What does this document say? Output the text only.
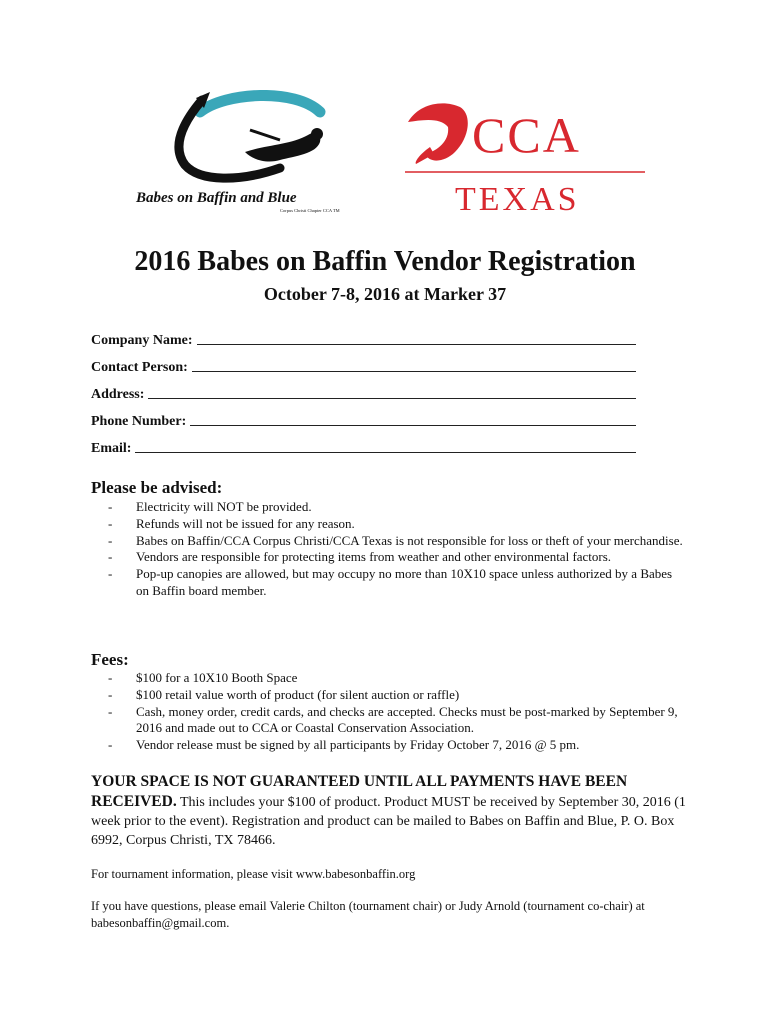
Babes on Baffin and Blue
Corpus Christi Chapter CCA TM
CCA
TEXAS
2016 Babes on Baffin Vendor Registration
October 7-8, 2016 at Marker 37
Company Name:
Contact Person:
Address:
Phone Number:
Email:
Please be advised:
- Electricity will NOT be provided.
- Refunds will not be issued for any reason.
- Babes on Baffin/CCA Corpus Christi/CCA Texas is not responsible for loss or theft of your merchandise.
- Vendors are responsible for protecting items from weather and other environmental factors.
- Pop-up canopies are allowed, but may occupy no more than 10X10 space unless authorized by a Babes on Baffin board member.
Fees:
- $100 for a 10X10 Booth Space
- $100 retail value worth of product (for silent auction or raffle)
- Cash, money order, credit cards, and checks are accepted. Checks must be post-marked by September 9, 2016 and made out to CCA or Coastal Conservation Association.
- Vendor release must be signed by all participants by Friday October 7, 2016 @ 5 pm.
YOUR SPACE IS NOT GUARANTEED UNTIL ALL PAYMENTS HAVE BEEN RECEIVED. This includes your $100 of product. Product MUST be received by September 30, 2016 (1 week prior to the event). Registration and product can be mailed to Babes on Baffin and Blue, P. O. Box 6992, Corpus Christi, TX 78466.
For tournament information, please visit www.babesonbaffin.org
If you have questions, please email Valerie Chilton (tournament chair) or Judy Arnold (tournament co-chair) at babesonbaffin@gmail.com.
